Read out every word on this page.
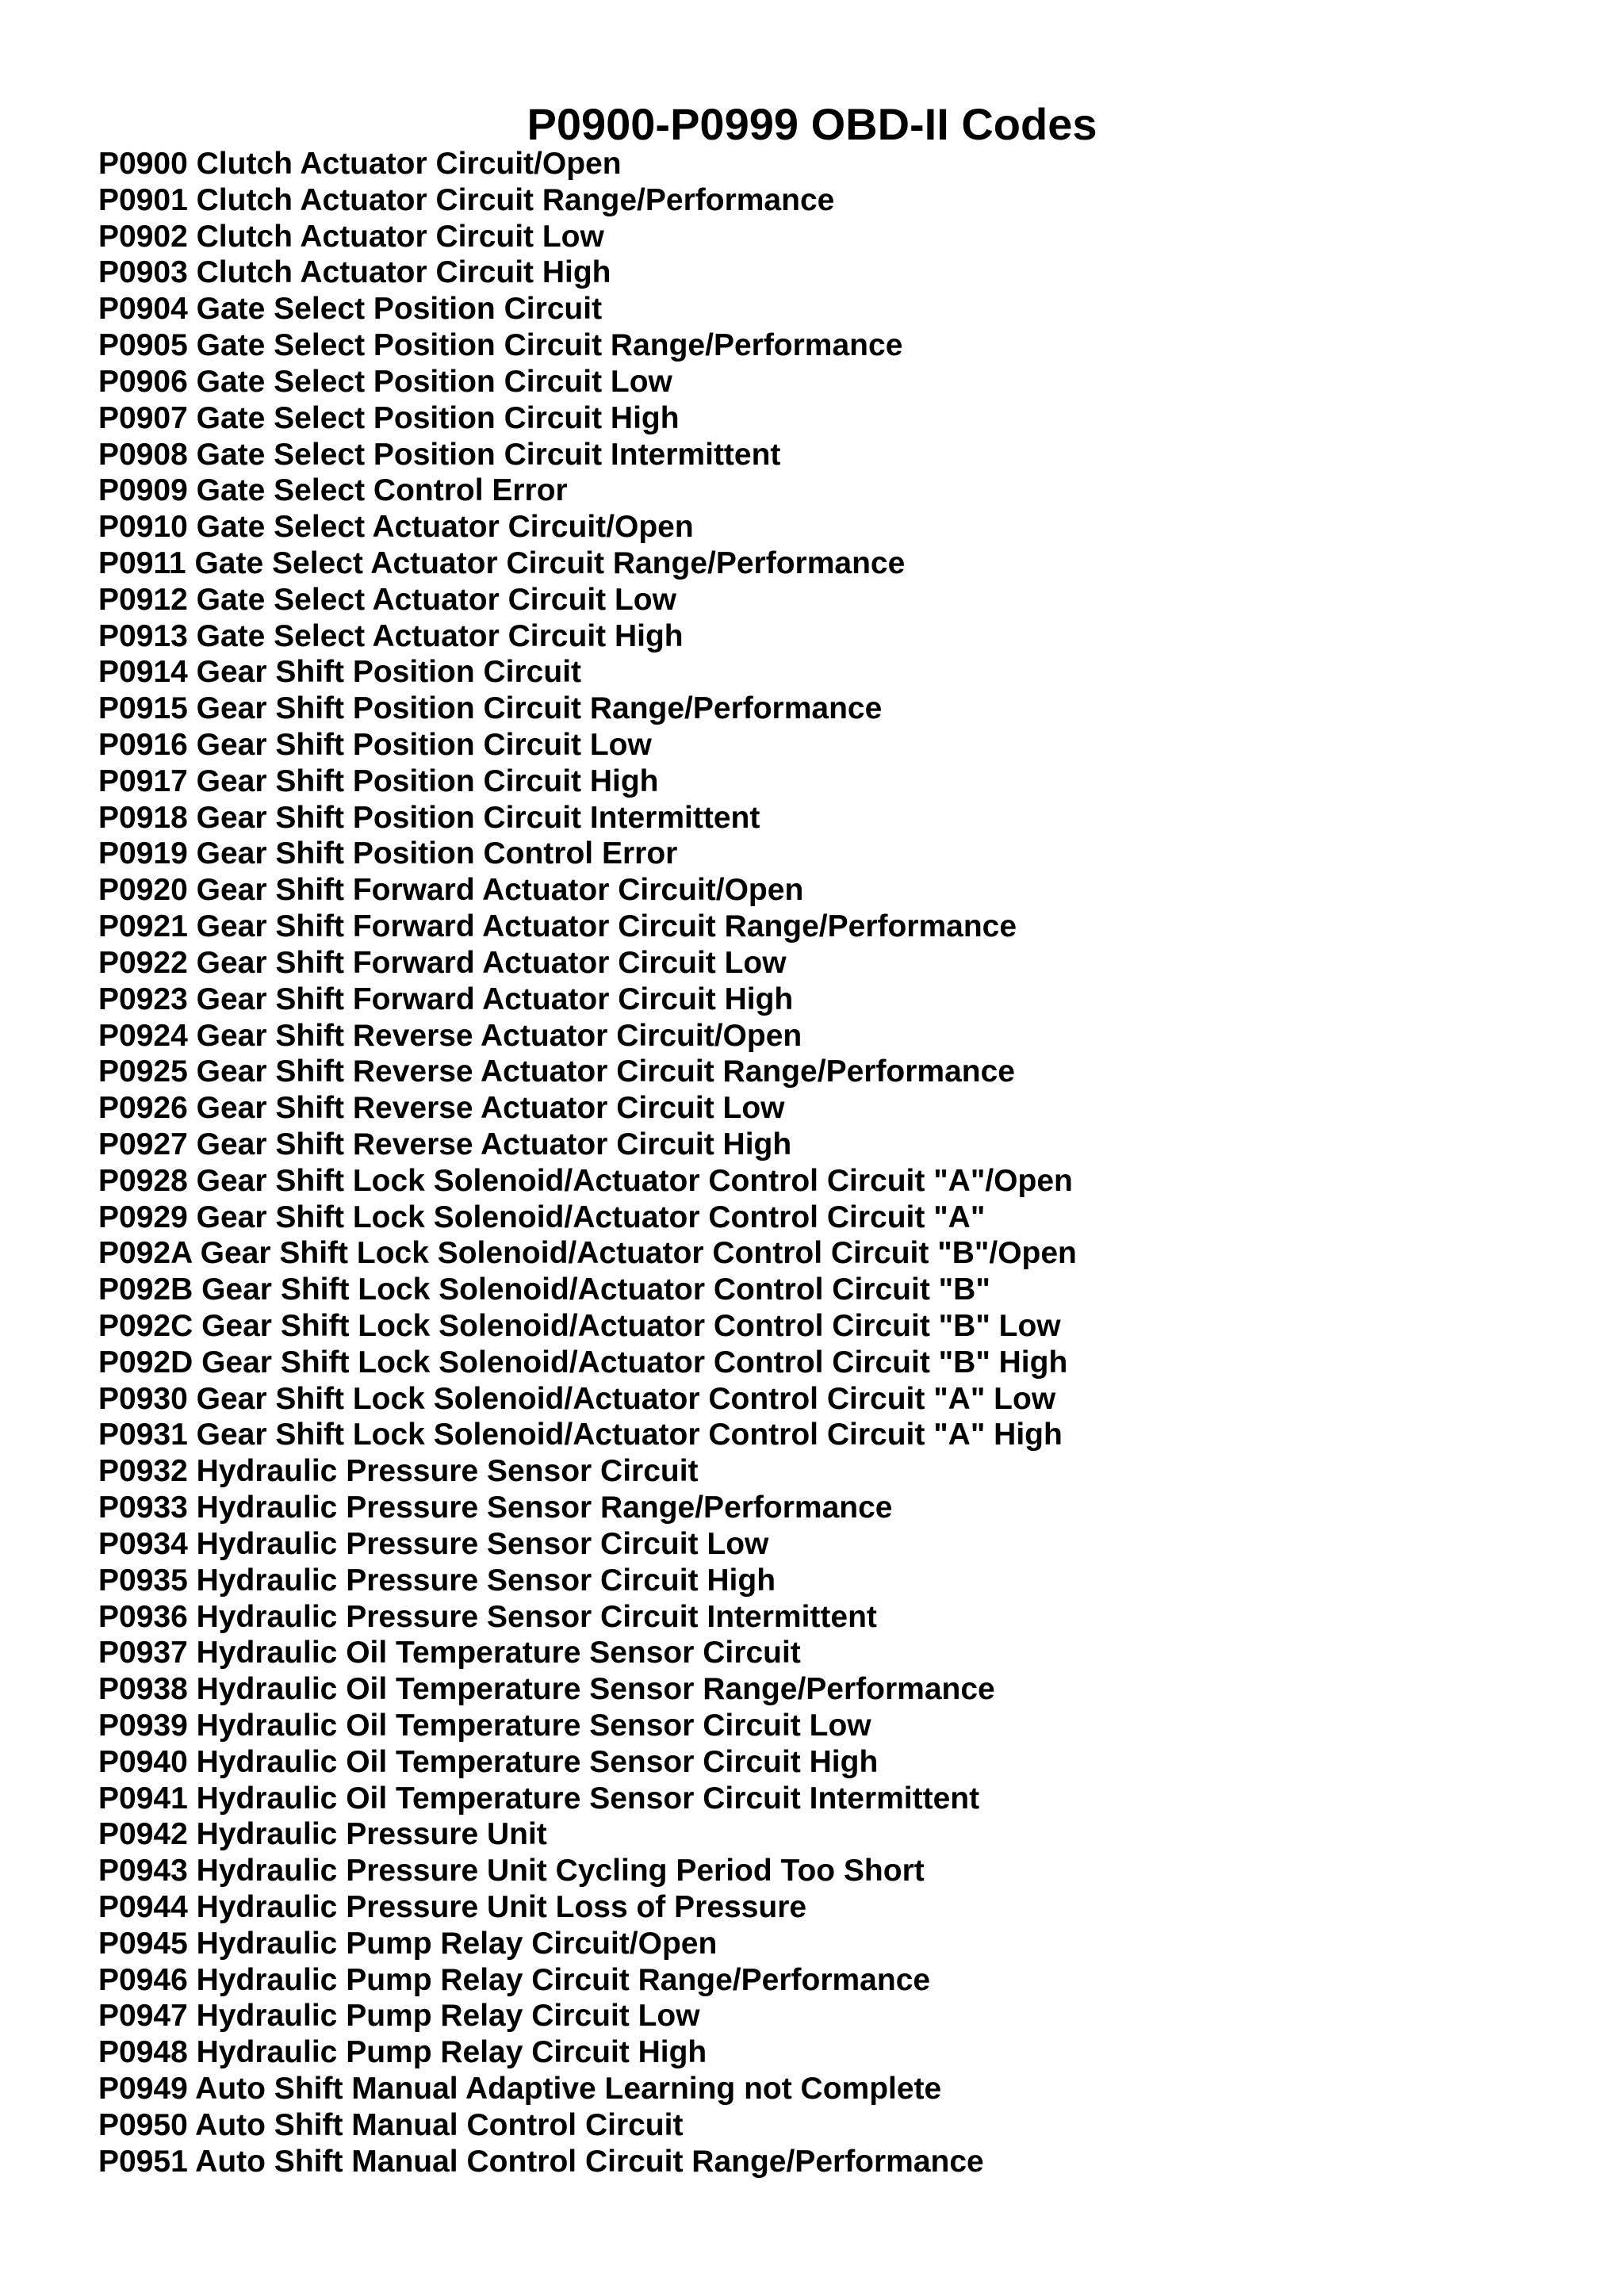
P0900-P0999 OBD-II Codes
P0900 Clutch Actuator Circuit/Open
P0901 Clutch Actuator Circuit Range/Performance
P0902 Clutch Actuator Circuit Low
P0903 Clutch Actuator Circuit High
P0904 Gate Select Position Circuit
P0905 Gate Select Position Circuit Range/Performance
P0906 Gate Select Position Circuit Low
P0907 Gate Select Position Circuit High
P0908 Gate Select Position Circuit Intermittent
P0909 Gate Select Control Error
P0910 Gate Select Actuator Circuit/Open
P0911 Gate Select Actuator Circuit Range/Performance
P0912 Gate Select Actuator Circuit Low
P0913 Gate Select Actuator Circuit High
P0914 Gear Shift Position Circuit
P0915 Gear Shift Position Circuit Range/Performance
P0916 Gear Shift Position Circuit Low
P0917 Gear Shift Position Circuit High
P0918 Gear Shift Position Circuit Intermittent
P0919 Gear Shift Position Control Error
P0920 Gear Shift Forward Actuator Circuit/Open
P0921 Gear Shift Forward Actuator Circuit Range/Performance
P0922 Gear Shift Forward Actuator Circuit Low
P0923 Gear Shift Forward Actuator Circuit High
P0924 Gear Shift Reverse Actuator Circuit/Open
P0925 Gear Shift Reverse Actuator Circuit Range/Performance
P0926 Gear Shift Reverse Actuator Circuit Low
P0927 Gear Shift Reverse Actuator Circuit High
P0928 Gear Shift Lock Solenoid/Actuator Control Circuit "A"/Open
P0929 Gear Shift Lock Solenoid/Actuator Control Circuit "A"
P092A Gear Shift Lock Solenoid/Actuator Control Circuit "B"/Open
P092B Gear Shift Lock Solenoid/Actuator Control Circuit "B"
P092C Gear Shift Lock Solenoid/Actuator Control Circuit "B" Low
P092D Gear Shift Lock Solenoid/Actuator Control Circuit "B" High
P0930 Gear Shift Lock Solenoid/Actuator Control Circuit "A" Low
P0931 Gear Shift Lock Solenoid/Actuator Control Circuit "A" High
P0932 Hydraulic Pressure Sensor Circuit
P0933 Hydraulic Pressure Sensor Range/Performance
P0934 Hydraulic Pressure Sensor Circuit Low
P0935 Hydraulic Pressure Sensor Circuit High
P0936 Hydraulic Pressure Sensor Circuit Intermittent
P0937 Hydraulic Oil Temperature Sensor Circuit
P0938 Hydraulic Oil Temperature Sensor Range/Performance
P0939 Hydraulic Oil Temperature Sensor Circuit Low
P0940 Hydraulic Oil Temperature Sensor Circuit High
P0941 Hydraulic Oil Temperature Sensor Circuit Intermittent
P0942 Hydraulic Pressure Unit
P0943 Hydraulic Pressure Unit Cycling Period Too Short
P0944 Hydraulic Pressure Unit Loss of Pressure
P0945 Hydraulic Pump Relay Circuit/Open
P0946 Hydraulic Pump Relay Circuit Range/Performance
P0947 Hydraulic Pump Relay Circuit Low
P0948 Hydraulic Pump Relay Circuit High
P0949 Auto Shift Manual Adaptive Learning not Complete
P0950 Auto Shift Manual Control Circuit
P0951 Auto Shift Manual Control Circuit Range/Performance
